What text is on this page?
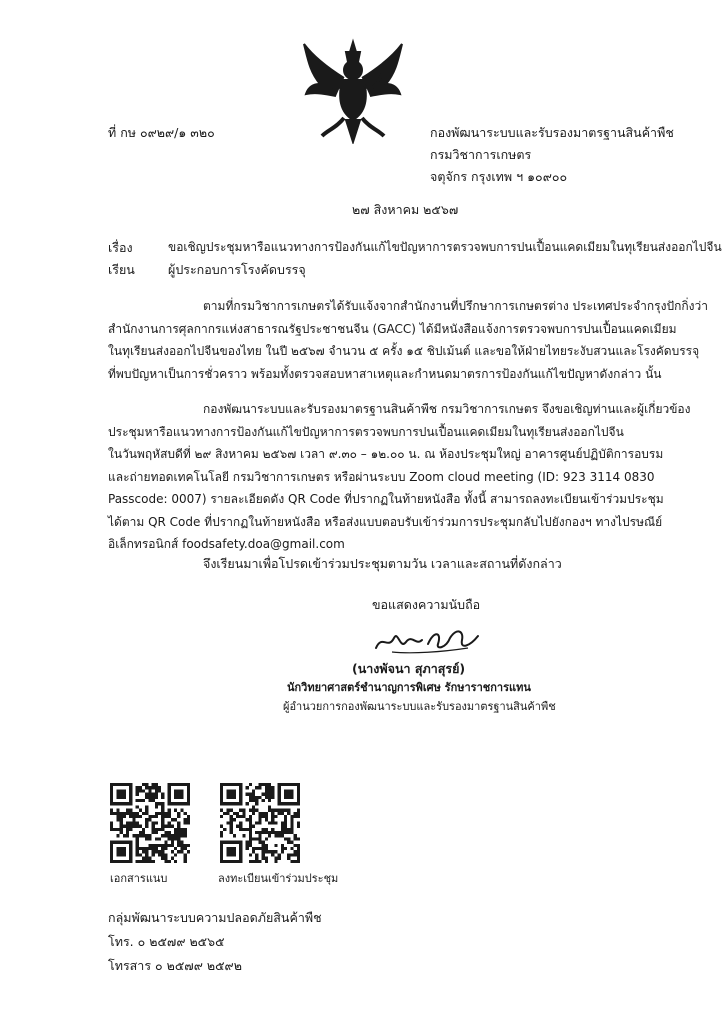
ที่ กษ ๐๙๒๙/๑ ๓๒๐	กองพัฒนาระบบและรับรองมาตรฐานสินค้าพืช
กรมวิชาการเกษตร
จตุจักร กรุงเทพ ฯ ๑๐๙๐๐
๒๗ สิงหาคม ๒๕๖๗
เรื่อง	ขอเชิญประชุมหารือแนวทางการป้องกันแก้ไขปัญหาการตรวจพบการปนเปื้อนแคดเมียมในทุเรียนส่งออกไปจีน
เรียน	ผู้ประกอบการโรงคัดบรรจุ
ตามที่กรมวิชาการเกษตรได้รับแจ้งจากสำนักงานที่ปรึกษาการเกษตรต่าง ประเทศประจำกรุงปักกิ่งว่า
สำนักงานการศุลกากรแห่งสาธารณรัฐประชาชนจีน (GACC) ได้มีหนังสือแจ้งการตรวจพบการปนเปื้อนแคดเมียม
ในทุเรียนส่งออกไปจีนของไทย ในปี ๒๕๖๗ จำนวน ๕ ครั้ง ๑๕ ชิปเม้นต์ และขอให้ฝ่ายไทยระงับสวนและโรงคัดบรรจุ
ที่พบปัญหาเป็นการชั่วคราว พร้อมทั้งตรวจสอบหาสาเหตุและกำหนดมาตรการป้องกันแก้ไขปัญหาดังกล่าว นั้น
กองพัฒนาระบบและรับรองมาตรฐานสินค้าพืช กรมวิชาการเกษตร จึงขอเชิญท่านและผู้เกี่ยวข้อง
ประชุมหารือแนวทางการป้องกันแก้ไขปัญหาการตรวจพบการปนเปื้อนแคดเมียมในทุเรียนส่งออกไปจีน
ในวันพฤหัสบดีที่ ๒๙ สิงหาคม ๒๕๖๗ เวลา ๙.๓๐ – ๑๒.๐๐ น. ณ ห้องประชุมใหญ่ อาคารศูนย์ปฏิบัติการอบรม
และถ่ายทอดเทคโนโลยี กรมวิชาการเกษตร หรือผ่านระบบ Zoom cloud meeting (ID: 923 3114 0830
Passcode: 0007) รายละเอียดดัง QR Code ที่ปรากฏในท้ายหนังสือ ทั้งนี้ สามารถลงทะเบียนเข้าร่วมประชุม
ได้ตาม QR Code ที่ปรากฏในท้ายหนังสือ หรือส่งแบบตอบรับเข้าร่วมการประชุมกลับไปยังกองฯ ทางไปรษณีย์
อิเล็กทรอนิกส์ foodsafety.doa@gmail.com
จึงเรียนมาเพื่อโปรดเข้าร่วมประชุมตามวัน เวลาและสถานที่ดังกล่าว
ขอแสดงความนับถือ
(นางพัจนา สุภาสุรย์)
นักวิทยาศาสตร์ชำนาญการพิเศษ รักษาราชการแทน
ผู้อำนวยการกองพัฒนาระบบและรับรองมาตรฐานสินค้าพืช
เอกสารแนบ	ลงทะเบียนเข้าร่วมประชุม
กลุ่มพัฒนาระบบความปลอดภัยสินค้าพืช
โทร. ๐ ๒๕๗๙ ๒๕๖๕
โทรสาร ๐ ๒๕๗๙ ๒๕๙๒
